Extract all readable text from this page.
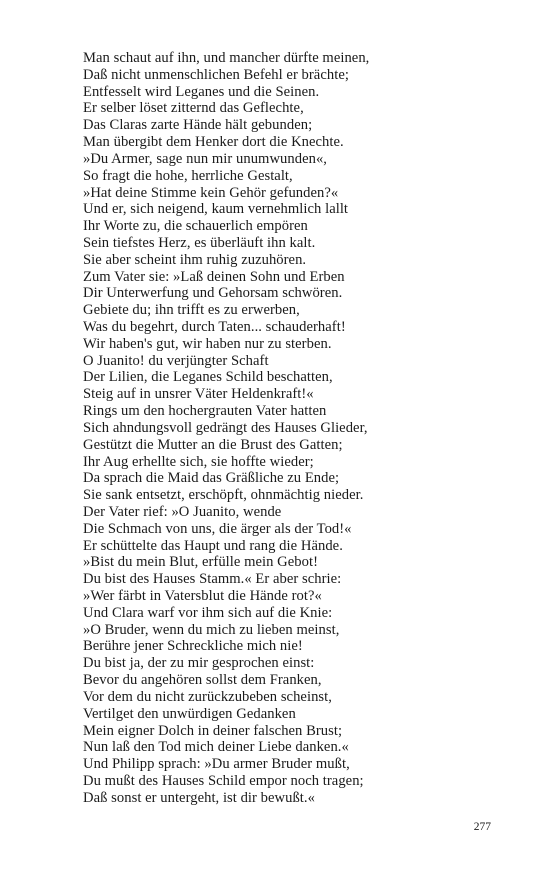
Man schaut auf ihn, und mancher dürfte meinen,
Daß nicht unmenschlichen Befehl er brächte;
Entfesselt wird Leganes und die Seinen.
Er selber löset zitternd das Geflechte,
Das Claras zarte Hände hält gebunden;
Man übergibt dem Henker dort die Knechte.
»Du Armer, sage nun mir unumwunden«,
So fragt die hohe, herrliche Gestalt,
»Hat deine Stimme kein Gehör gefunden?«
Und er, sich neigend, kaum vernehmlich lallt
Ihr Worte zu, die schauerlich empören
Sein tiefstes Herz, es überläuft ihn kalt.
Sie aber scheint ihm ruhig zuzuhören.
Zum Vater sie: »Laß deinen Sohn und Erben
Dir Unterwerfung und Gehorsam schwören.
Gebiete du; ihn trifft es zu erwerben,
Was du begehrt, durch Taten... schauderhaft!
Wir haben's gut, wir haben nur zu sterben.
O Juanito! du verjüngter Schaft
Der Lilien, die Leganes Schild beschatten,
Steig auf in unsrer Väter Heldenkraft!«
Rings um den hochergrauten Vater hatten
Sich ahndungsvoll gedrängt des Hauses Glieder,
Gestützt die Mutter an die Brust des Gatten;
Ihr Aug erhellte sich, sie hoffte wieder;
Da sprach die Maid das Gräßliche zu Ende;
Sie sank entsetzt, erschöpft, ohnmächtig nieder.
Der Vater rief: »O Juanito, wende
Die Schmach von uns, die ärger als der Tod!«
Er schüttelte das Haupt und rang die Hände.
»Bist du mein Blut, erfülle mein Gebot!
Du bist des Hauses Stamm.« Er aber schrie:
»Wer färbt in Vatersblut die Hände rot?«
Und Clara warf vor ihm sich auf die Knie:
»O Bruder, wenn du mich zu lieben meinst,
Berühre jener Schreckliche mich nie!
Du bist ja, der zu mir gesprochen einst:
Bevor du angehören sollst dem Franken,
Vor dem du nicht zurückzubeben scheinst,
Vertilget den unwürdigen Gedanken
Mein eigner Dolch in deiner falschen Brust;
Nun laß den Tod mich deiner Liebe danken.«
Und Philipp sprach: »Du armer Bruder mußt,
Du mußt des Hauses Schild empor noch tragen;
Daß sonst er untergeht, ist dir bewußt.«
277
